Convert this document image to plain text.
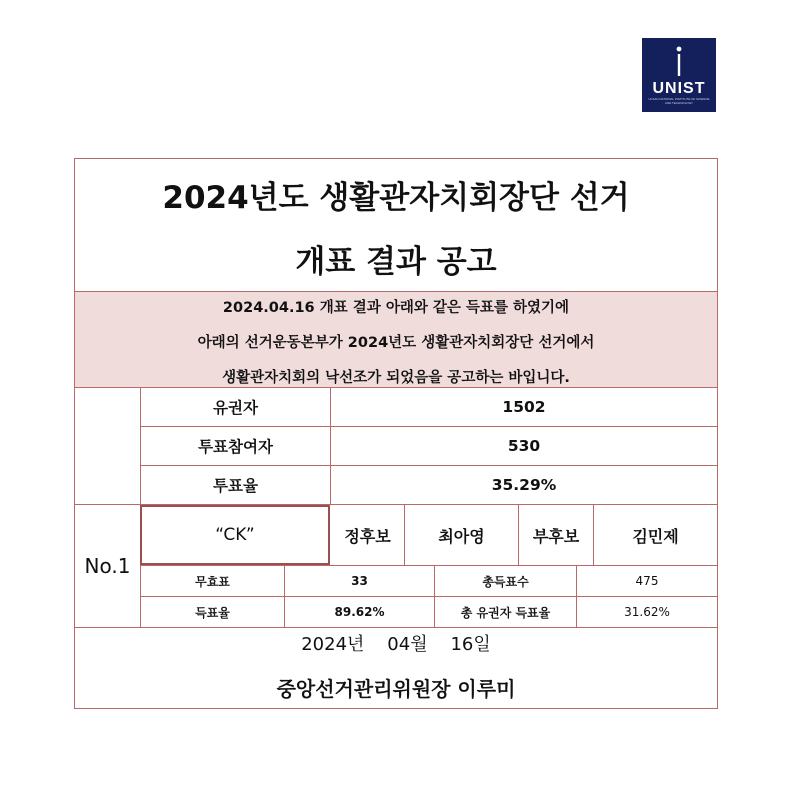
UNIST
ULSAN NATIONAL INSTITUTE OF SCIENCE AND TECHNOLOGY
2024년도 생활관자치회장단 선거
개표 결과 공고
2024.04.16 개표 결과 아래와 같은 득표를 하였기에
아래의 선거운동본부가 2024년도 생활관자치회장단 선거에서
생활관자치회의 낙선조가 되었음을 공고하는 바입니다.
유권자	1502
투표참여자	530
투표율	35.29%
No.1
“CK”	정후보	최아영	부후보	김민제
무효표	33	총득표수	475
득표율	89.62%	총 유권자 득표율	31.62%
2024년    04월    16일
중앙선거관리위원장 이루미
